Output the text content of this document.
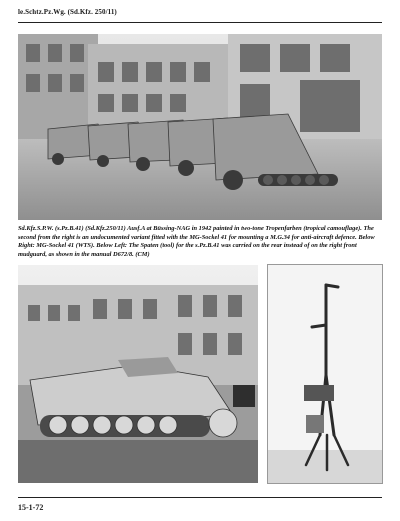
le.Schtz.Pz.Wg. (Sd.Kfz. 250/11)
Sd.Kfz.S.P.W. (s.Pz.B.41) (Sd.Kfz.250/11) Ausf.A at Büssing-NAG in 1942 painted in two-tone Tropenfarben (tropical camouflage). The second from the right is an undocumented variant fitted with the MG-Sockel 41 for mounting a M.G.34 for anti-aircraft defence. Below Right: MG-Sockel 41 (WTS). Below Left: The Spaten (tool) for the s.Pz.B.41 was carried on the rear instead of on the right front mudguard, as shown in the manual D672/8. (CM)
15-1-72
